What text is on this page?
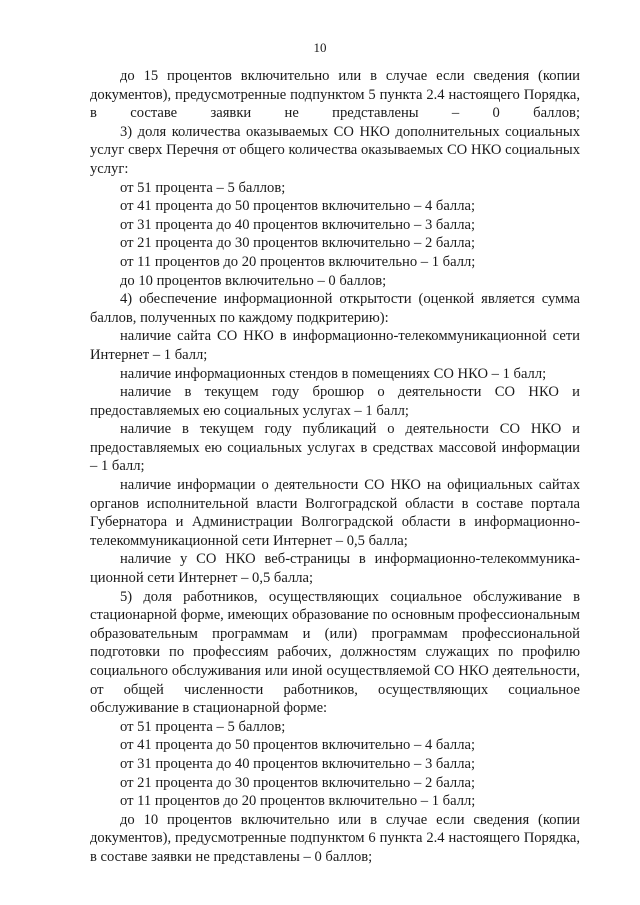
10

до 15 процентов включительно или в случае если сведения (копии документов), предусмотренные подпунктом 5 пункта 2.4 настоящего Порядка, в составе заявки не представлены – 0 баллов;

3) доля количества оказываемых СО НКО дополнительных социальных услуг сверх Перечня от общего количества оказываемых СО НКО социальных услуг:

от 51 процента – 5 баллов;

от 41 процента до 50 процентов включительно – 4 балла;

от 31 процента до 40 процентов включительно – 3 балла;

от 21 процента до 30 процентов включительно – 2 балла;

от 11 процентов до 20 процентов включительно – 1 балл;

до 10 процентов включительно – 0 баллов;

4) обеспечение информационной открытости (оценкой является сумма баллов, полученных по каждому подкритерию):

наличие сайта СО НКО в информационно-телекоммуникационной сети Интернет – 1 балл;

наличие информационных стендов в помещениях СО НКО – 1 балл;

наличие в текущем году брошюр о деятельности СО НКО и предоставляемых ею социальных услугах – 1 балл;

наличие в текущем году публикаций о деятельности СО НКО и предоставляемых ею социальных услугах в средствах массовой информации – 1 балл;

наличие информации о деятельности СО НКО на официальных сайтах органов исполнительной власти Волгоградской области в составе портала Губернатора и Администрации Волгоградской области в информационно-телекоммуникационной сети Интернет – 0,5 балла;

наличие у СО НКО веб-страницы в информационно-телекоммуника-ционной сети Интернет – 0,5 балла;

5) доля работников, осуществляющих социальное обслуживание в стационарной форме, имеющих образование по основным профессиональным образовательным программам и (или) программам профессиональной подготовки по профессиям рабочих, должностям служащих по профилю социального обслуживания или иной осуществляемой СО НКО деятельности, от общей численности работников, осуществляющих социальное обслуживание в стационарной форме:

от 51 процента – 5 баллов;

от 41 процента до 50 процентов включительно – 4 балла;

от 31 процента до 40 процентов включительно – 3 балла;

от 21 процента до 30 процентов включительно – 2 балла;

от 11 процентов до 20 процентов включительно – 1 балл;

до 10 процентов включительно или в случае если сведения (копии документов), предусмотренные подпунктом 6 пункта 2.4 настоящего Порядка, в составе заявки не представлены – 0 баллов;
